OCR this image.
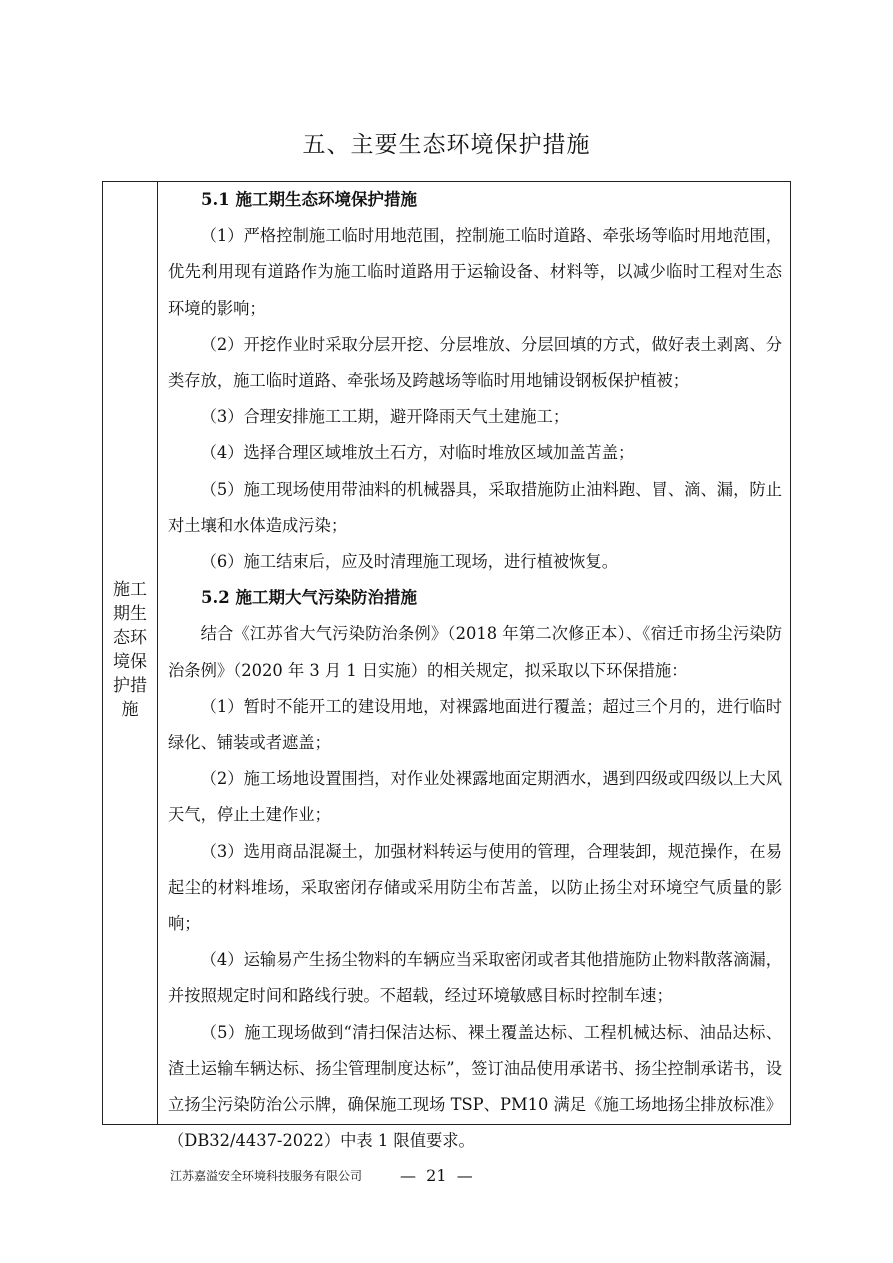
五、主要生态环境保护措施
施工期生态环境保护措施
5.1 施工期生态环境保护措施

（1）严格控制施工临时用地范围，控制施工临时道路、牵张场等临时用地范围，优先利用现有道路作为施工临时道路用于运输设备、材料等，以减少临时工程对生态环境的影响；

（2）开挖作业时采取分层开挖、分层堆放、分层回填的方式，做好表土剥离、分类存放，施工临时道路、牵张场及跨越场等临时用地铺设钢板保护植被；

（3）合理安排施工工期，避开降雨天气土建施工；

（4）选择合理区域堆放土石方，对临时堆放区域加盖苫盖；

（5）施工现场使用带油料的机械器具，采取措施防止油料跑、冒、滴、漏，防止对土壤和水体造成污染；

（6）施工结束后，应及时清理施工现场，进行植被恢复。

5.2 施工期大气污染防治措施

结合《江苏省大气污染防治条例》（2018 年第二次修正本）、《宿迁市扬尘污染防治条例》（2020 年 3 月 1 日实施）的相关规定，拟采取以下环保措施：

（1）暂时不能开工的建设用地，对裸露地面进行覆盖；超过三个月的，进行临时绿化、铺装或者遮盖；

（2）施工场地设置围挡，对作业处裸露地面定期洒水，遇到四级或四级以上大风天气，停止土建作业；

（3）选用商品混凝土，加强材料转运与使用的管理，合理装卸，规范操作，在易起尘的材料堆场，采取密闭存储或采用防尘布苫盖，以防止扬尘对环境空气质量的影响；

（4）运输易产生扬尘物料的车辆应当采取密闭或者其他措施防止物料散落滴漏，并按照规定时间和路线行驶。不超载，经过环境敏感目标时控制车速；

（5）施工现场做到“清扫保洁达标、裸土覆盖达标、工程机械达标、油品达标、渣土运输车辆达标、扬尘管理制度达标”，签订油品使用承诺书、扬尘控制承诺书，设立扬尘污染防治公示牌，确保施工现场 TSP、PM10 满足《施工场地扬尘排放标准》（DB32/4437-2022）中表 1 限值要求。

江苏嘉溢安全环境科技服务有限公司 —  21  —
